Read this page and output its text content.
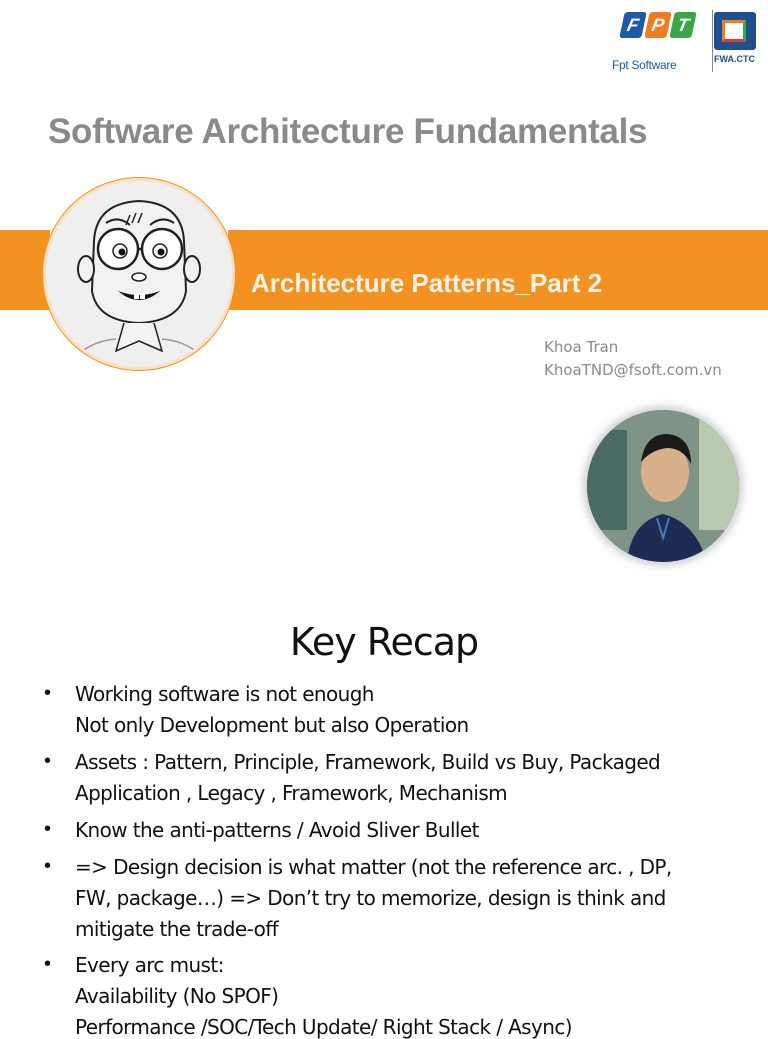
F P T
Fpt Software	FWA.CTC
Software Architecture Fundamentals
Architecture Patterns_Part 2
Khoa Tran
KhoaTND@fsoft.com.vn
Key Recap
• Working software is not enough
Not only Development but also Operation
• Assets : Pattern, Principle, Framework, Build vs Buy, Packaged
Application , Legacy , Framework, Mechanism
• Know the anti-patterns / Avoid Sliver Bullet
• => Design decision is what matter (not the reference arc. , DP,
FW, package…) => Don’t try to memorize, design is think and
mitigate the trade-off
• Every arc must:
Availability (No SPOF)
Performance /SOC/Tech Update/ Right Stack / Async)
